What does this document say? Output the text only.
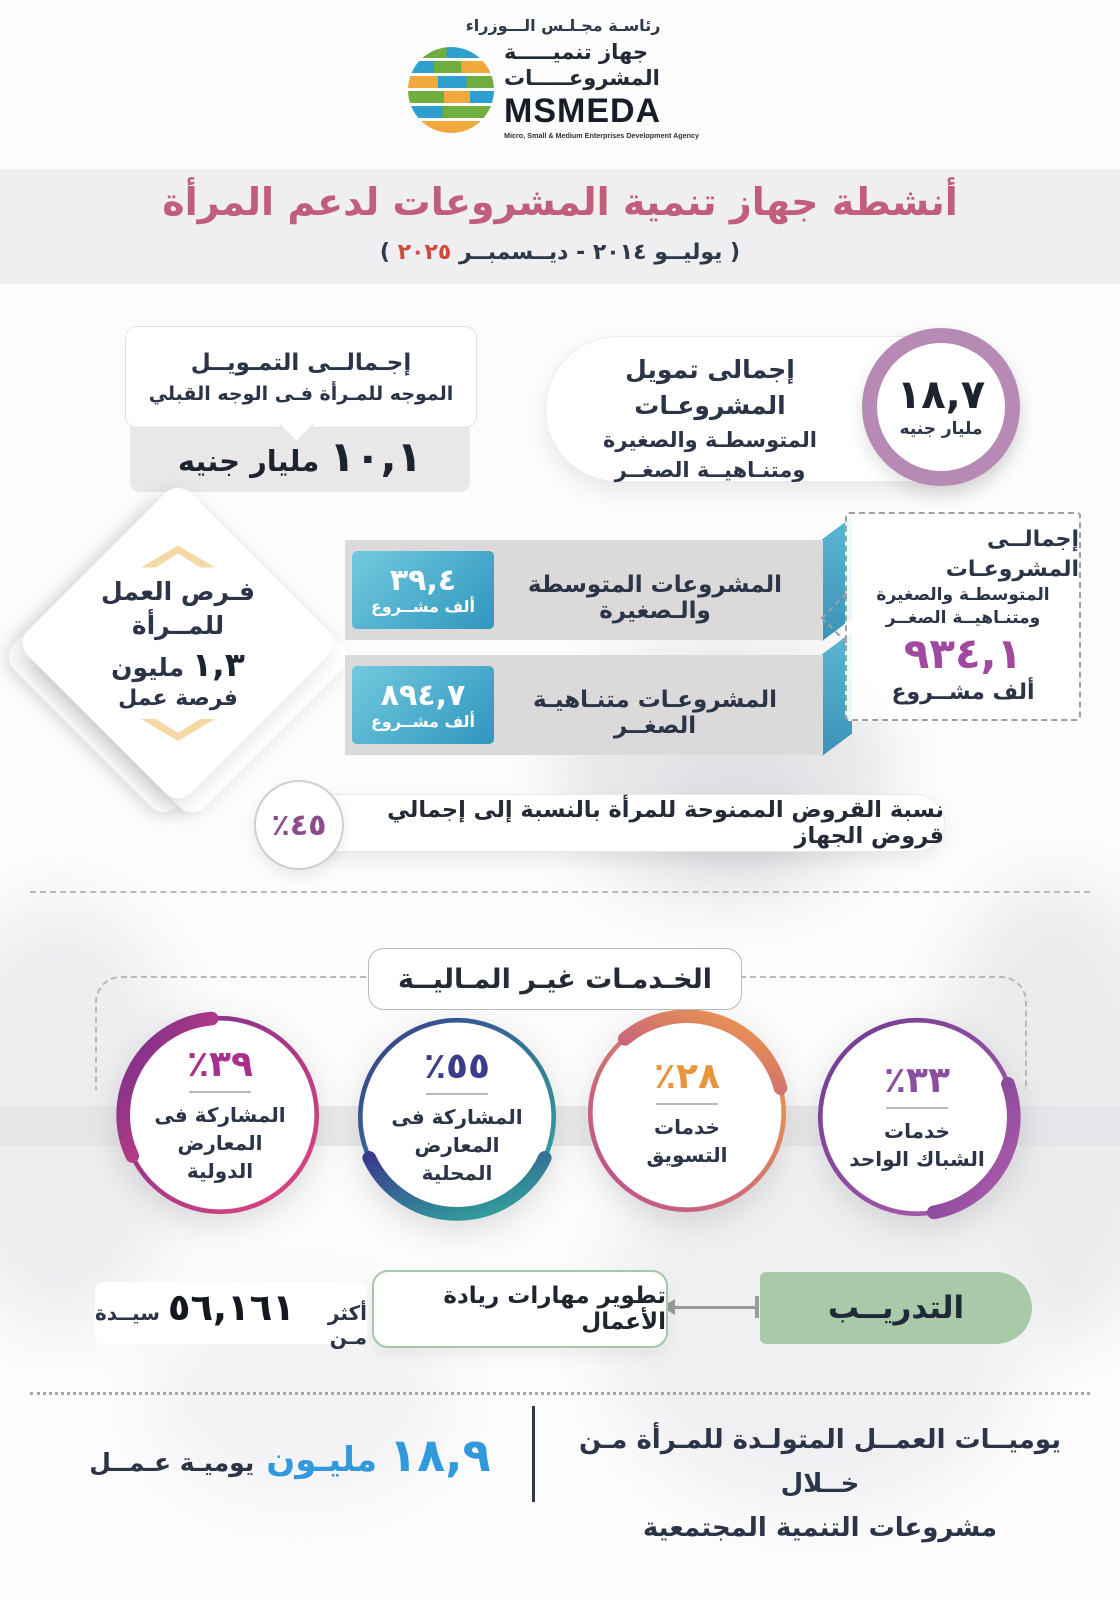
رئاسـة مجـلـس الـــوزراء
جهاز تنميـــــة
المشروعـــــات
MSMEDA
Micro, Small & Medium Enterprises Development Agency
أنشطة جهاز تنمية المشروعات لدعم المرأة
( يوليــو ٢٠١٤ - ديــسمبــر ٢٠٢٥ )
إجمالى تمويل المشروعـات
المتوسطـة والصغيرة
ومتنـاهيــة الصغــر
١٨,٧
مليار جنيه
إجـمالــى التمـويــل
الموجه للمـرأة فـى الوجه القبلي
١٠,١
مليار جنيه
فـرص العمل
للمــرأة
١,٣
مليون
فرصة عمل
٣٩,٤
ألف مشــروع
المشروعات المتوسطة والـصغيرة
٨٩٤,٧
ألف مشــروع
المشروعـات متنـاهيـة الصغــر
إجمالــى المشروعـات
المتوسطـة والصغيرة
ومتنـاهيــة الصغــر
٩٣٤,١
ألف مشــروع
نسبة القروض الممنوحة للمرأة بالنسبة إلى إجمالي قروض الجهاز
٤٥٪
الخـدمـات غيـر المـاليــة
٣٩٪
المشاركة فى
المعارض الدولية
٥٥٪
المشاركة فى
المعارض المحلية
٢٨٪
خدمات
التسويق
٣٣٪
خدمات
الشباك الواحد
التدريــب
تطوير مهارات ريادة الأعمال
أكثر مـن
٥٦,١٦١
سيــدة
يوميــات العمــل المتولـدة للمـرأة مـن خــلال
مشروعات التنمية المجتمعية
١٨,٩
مليـون
يوميـة عـمــل
